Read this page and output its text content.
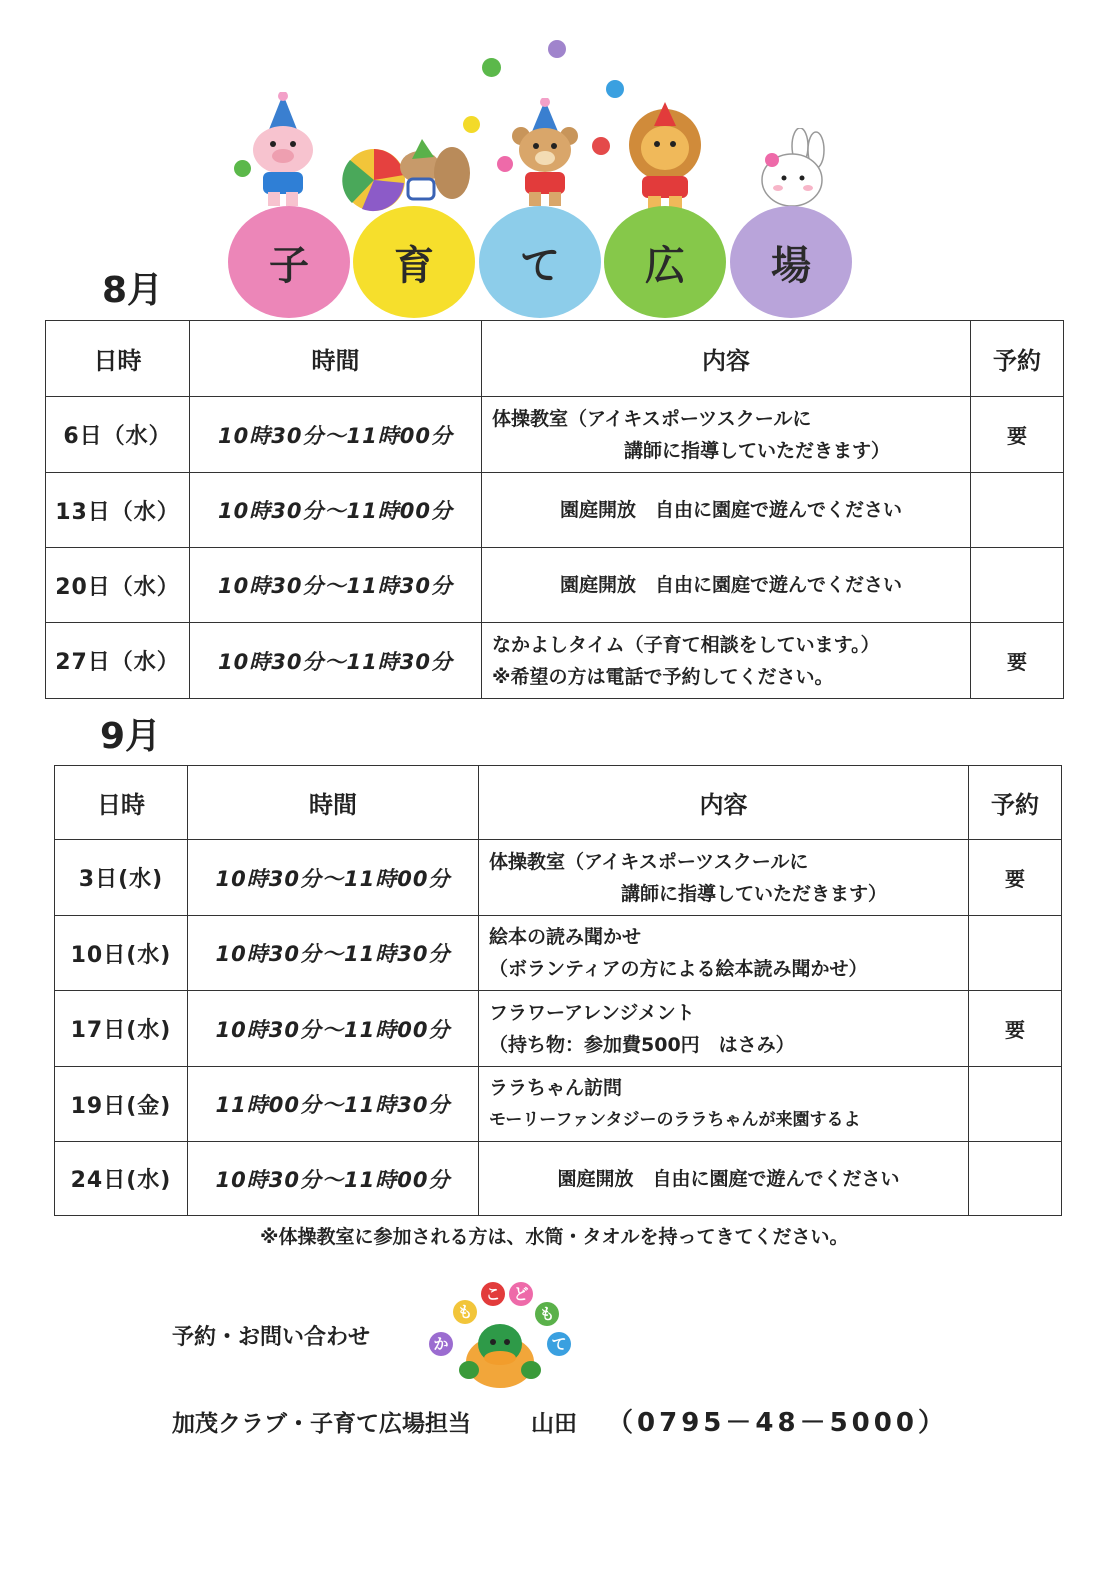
子 育 て 広 場
8月
日時	時間	内容	予約
6日（水）	10時30分～11時00分	体操教室（アイキスポーツスクールに
講師に指導していただきます）	要
13日（水）	10時30分～11時00分	園庭開放　自由に園庭で遊んでください	

20日（水）	10時30分～11時30分	園庭開放　自由に園庭で遊んでください	

27日（水）	10時30分～11時30分	なかよしタイム（子育て相談をしています。）
※希望の方は電話で予約してください。	要
9月
日時	時間	内容	予約
3日(水)	10時30分～11時00分	体操教室（アイキスポーツスクールに
講師に指導していただきます）	要
10日(水)	10時30分～11時30分	絵本の読み聞かせ
（ボランティアの方による絵本読み聞かせ）	

17日(水)	10時30分～11時00分	フラワーアレンジメント
（持ち物：参加費500円　はさみ）	要
19日(金)	11時00分～11時30分	ララちゃん訪問
モーリーファンタジーのララちゃんが来園するよ	

24日(水)	10時30分～11時00分	園庭開放　自由に園庭で遊んでください	

※体操教室に参加される方は、水筒・タオルを持ってきてください。
予約・お問い合わせ	か
も
こ ど
も
て
加茂クラブ・子育て広場担当	山田 （0795－48－5000）
